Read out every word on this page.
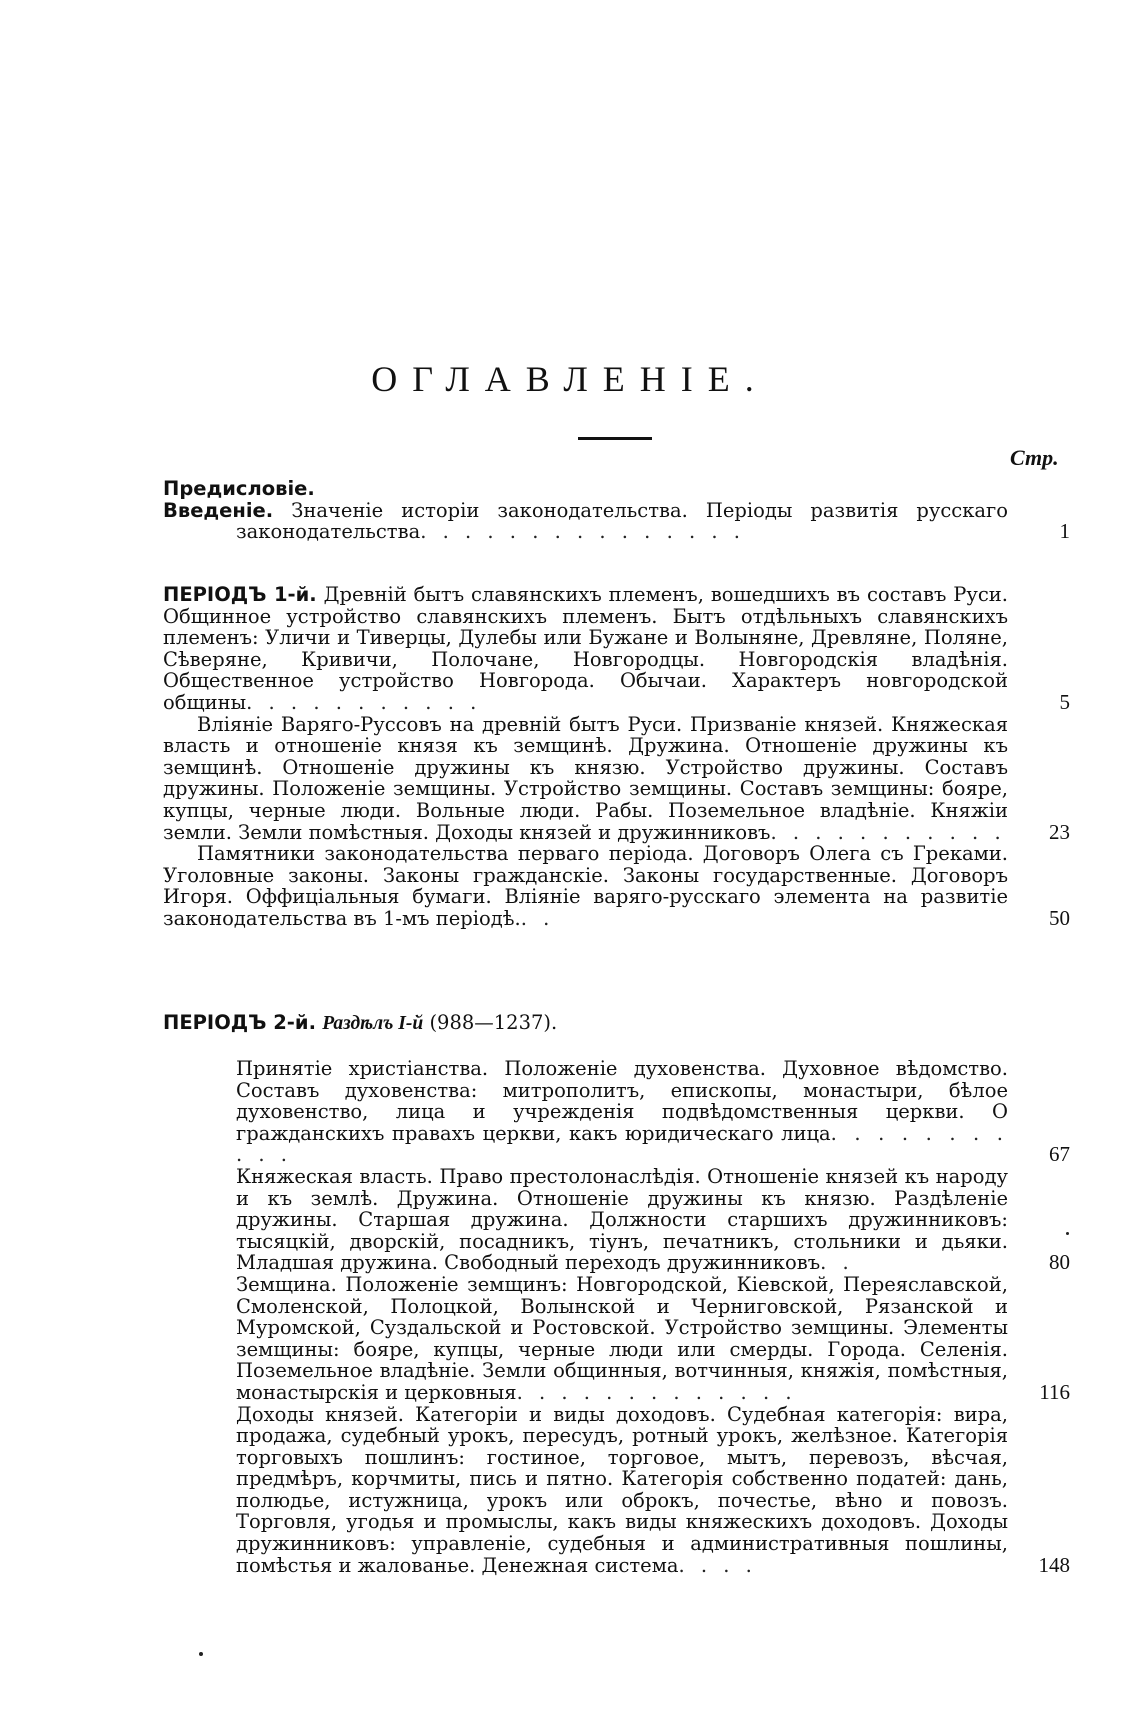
ОГЛАВЛЕНІЕ.
Стр.
Предисловіе.
Введеніе. Значеніе исторіи законодательства. Періоды развитія русскаго законодательства. . . . . . . . . . . . . . .	1
ПЕРІОДЪ 1-й. Древній бытъ славянскихъ племенъ, вошедшихъ въ составъ Руси. Общинное устройство славянскихъ племенъ. Бытъ отдѣльныхъ славянскихъ племенъ: Уличи и Тиверцы, Дулебы или Бужане и Волыняне, Древляне, Поляне, Сѣверяне, Кривичи, Полочане, Новгородцы. Новгородскія владѣнія. Общественное устройство Новгорода. Обычаи. Характеръ новгородской общины. . . . . . . . . . .	5
Вліяніе Варяго-Руссовъ на древній бытъ Руси. Призваніе князей. Княжеская власть и отношеніе князя къ земщинѣ. Дружина. Отношеніе дружины къ земщинѣ. Отношеніе дружины къ князю. Устройство дружины. Составъ дружины. Положеніе земщины. Устройство земщины. Составъ земщины: бояре, купцы, черные люди. Вольные люди. Рабы. Поземельное владѣніе. Княжіи земли. Земли помѣстныя. Доходы князей и дружинниковъ. . . . . . . . . . .	23
Памятники законодательства перваго періода. Договоръ Олега съ Греками. Уголовные законы. Законы гражданскіе. Законы государственные. Договоръ Игоря. Оффиціальныя бумаги. Вліяніе варяго-русскаго элемента на развитіе законодательства въ 1-мъ періодѣ.. .	50
ПЕРІОДЪ 2-й. Раздѣлъ I-й (988—1237).
Принятіе христіанства. Положеніе духовенства. Духовное вѣдомство. Составъ духовенства: митрополитъ, епископы, монастыри, бѣлое духовенство, лица и учрежденія подвѣдомственныя церкви. О гражданскихъ правахъ церкви, какъ юридическаго лица. . . . . . . . . . .	67
Княжеская власть. Право престолонаслѣдія. Отношеніе князей къ народу и къ землѣ. Дружина. Отношеніе дружины къ князю. Раздѣленіе дружины. Старшая дружина. Должности старшихъ дружинниковъ: тысяцкій, дворскій, посадникъ, тіунъ, печатникъ, стольники и дьяки. Младшая дружина. Свободный переходъ дружинниковъ. .	80
Земщина. Положеніе земщинъ: Новгородской, Кіевской, Переяславской, Смоленской, Полоцкой, Волынской и Черниговской, Рязанской и Муромской, Суздальской и Ростовской. Устройство земщины. Элементы земщины: бояре, купцы, черные люди или смерды. Города. Селенія. Поземельное владѣніе. Земли общинныя, вотчинныя, княжія, помѣстныя, монастырскія и церковныя. . . . . . . . . . . . .	116
Доходы князей. Категоріи и виды доходовъ. Судебная категорія: вира, продажа, судебный урокъ, пересудъ, ротный урокъ, желѣзное. Категорія торговыхъ пошлинъ: гостиное, торговое, мытъ, перевозъ, вѣсчая, предмѣръ, корчмиты, пись и пятно. Категорія собственно податей: дань, полюдье, истужница, урокъ или оброкъ, почестье, вѣно и повозъ. Торговля, угодья и промыслы, какъ виды княжескихъ доходовъ. Доходы дружинниковъ: управленіе, судебныя и административныя пошлины, помѣстья и жалованье. Денежная система. . . .	148
